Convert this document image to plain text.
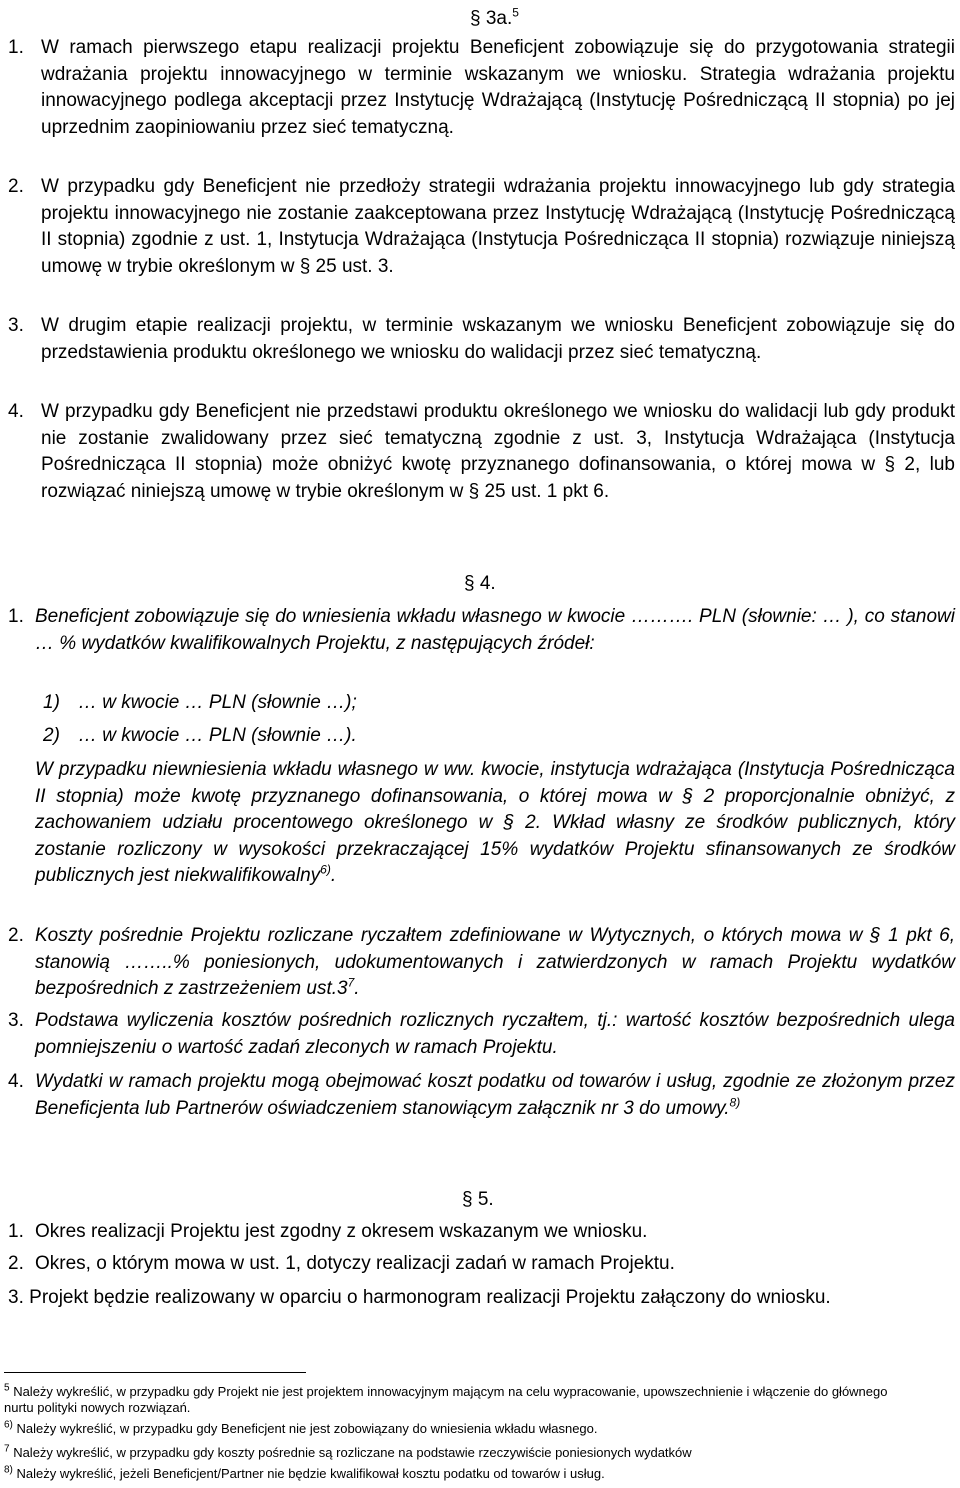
§ 3a.$^5$
1. W ramach pierwszego etapu realizacji projektu Beneficjent zobowiązuje się do przygotowania strategii wdrażania projektu innowacyjnego w terminie wskazanym we wniosku. Strategia wdrażania projektu innowacyjnego podlega akceptacji przez Instytucję Wdrażającą (Instytucję Pośredniczącą II stopnia) po jej uprzednim zaopiniowaniu przez sieć tematyczną.
2. W przypadku gdy Beneficjent nie przedłoży strategii wdrażania projektu innowacyjnego lub gdy strategia projektu innowacyjnego nie zostanie zaakceptowana przez Instytucję Wdrażającą (Instytucję Pośredniczącą II stopnia) zgodnie z ust. 1, Instytucja Wdrażająca (Instytucja Pośrednicząca II stopnia) rozwiązuje niniejszą umowę w trybie określonym w § 25 ust. 3.
3. W drugim etapie realizacji projektu, w terminie wskazanym we wniosku Beneficjent zobowiązuje się do przedstawienia produktu określonego we wniosku do walidacji przez sieć tematyczną.
4. W przypadku gdy Beneficjent nie przedstawi produktu określonego we wniosku do walidacji lub gdy produkt nie zostanie zwalidowany przez sieć tematyczną zgodnie z ust. 3, Instytucja Wdrażająca (Instytucja Pośrednicząca II stopnia) może obniżyć kwotę przyznanego dofinansowania, o której mowa w § 2, lub rozwiązać niniejszą umowę w trybie określonym w § 25 ust. 1 pkt 6.
§ 4.
1. Beneficjent zobowiązuje się do wniesienia wkładu własnego w kwocie ………. PLN (słownie: … ), co stanowi … % wydatków kwalifikowalnych Projektu, z następujących źródeł:
1) … w kwocie … PLN (słownie …);
2) … w kwocie … PLN (słownie …).
W przypadku niewniesienia wkładu własnego w ww. kwocie, instytucja wdrażająca (Instytucja Pośrednicząca II stopnia) może kwotę przyznanego dofinansowania, o której mowa w § 2 proporcjonalnie obniżyć, z zachowaniem udziału procentowego określonego w § 2. Wkład własny ze środków publicznych, który zostanie rozliczony w wysokości przekraczającej 15% wydatków Projektu sfinansowanych ze środków publicznych jest niekwalifikowalny$^{6)}$.
2. Koszty pośrednie Projektu rozliczane ryczałtem zdefiniowane w Wytycznych, o których mowa w § 1 pkt 6, stanowią ……..% poniesionych, udokumentowanych i zatwierdzonych w ramach Projektu wydatków bezpośrednich z zastrzeżeniem $ust.3^7$.
3. Podstawa wyliczenia kosztów pośrednich rozlicznych ryczałtem, tj.: wartość kosztów bezpośrednich ulega pomniejszeniu o wartość zadań zleconych w ramach Projektu.
4. Wydatki w ramach projektu mogą obejmować koszt podatku od towarów i usług, zgodnie ze złożonym przez Beneficjenta lub Partnerów oświadczeniem stanowiącym załącznik nr 3 do umowy.$^{8)}$
§ 5.
1. Okres realizacji Projektu jest zgodny z okresem wskazanym we wniosku.
2. Okres, o którym mowa w ust. 1, dotyczy realizacji zadań w ramach Projektu.
3. Projekt będzie realizowany w oparciu o harmonogram realizacji Projektu załączony do wniosku.
$^5$ Należy wykreślić, w przypadku gdy Projekt nie jest projektem innowacyjnym mającym na celu wypracowanie, upowszechnienie i włączenie do głównego nurtu polityki nowych rozwiązań.
$^{6)}$ Należy wykreślić, w przypadku gdy Beneficjent nie jest zobowiązany do wniesienia wkładu własnego.
$^7$ Należy wykreślić, w przypadku gdy koszty pośrednie są rozliczane na podstawie rzeczywiście poniesionych wydatków
$^{8)}$ Należy wykreślić, jeżeli Beneficjent/Partner nie będzie kwalifikował kosztu podatku od towarów i usług.
